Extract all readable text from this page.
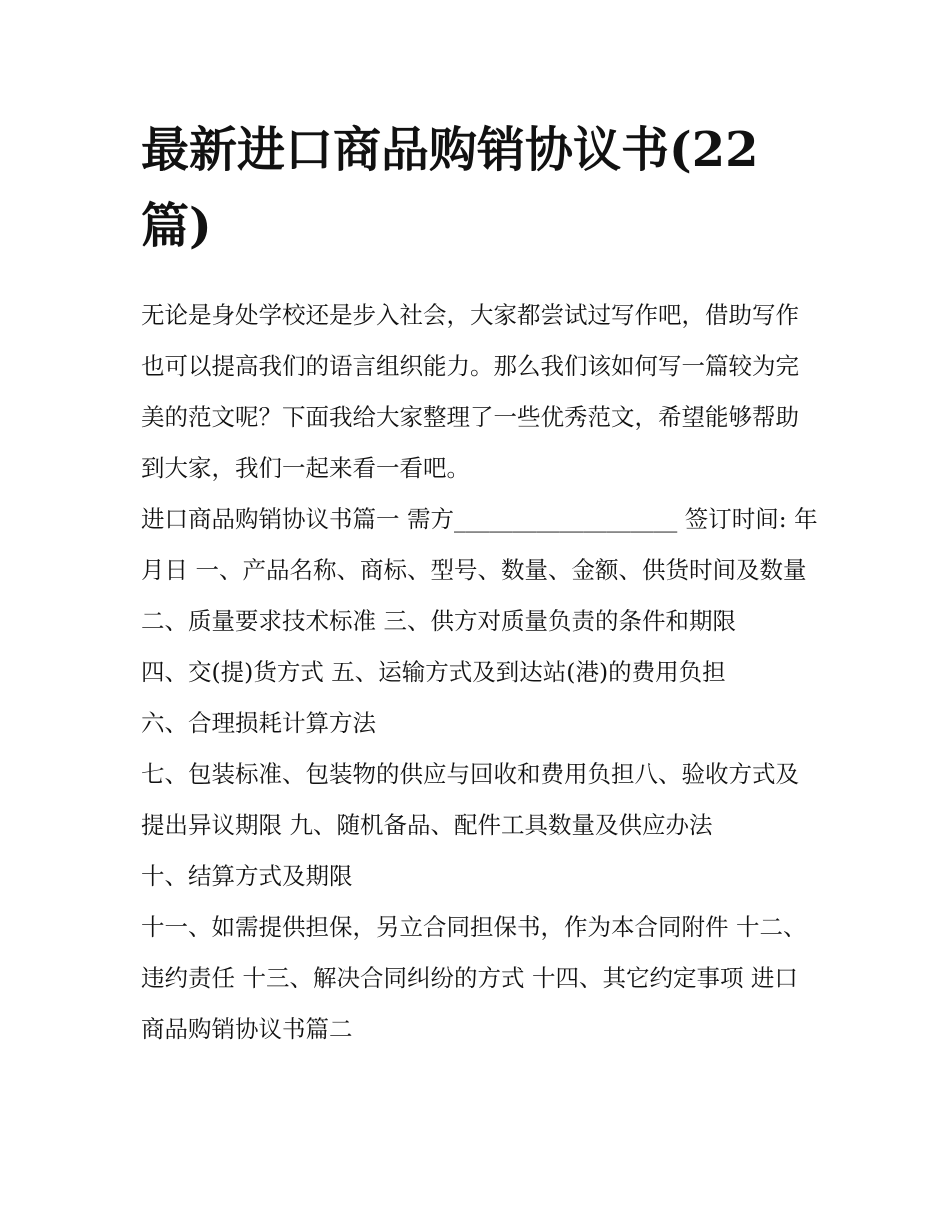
最新进口商品购销协议书(22篇)

无论是身处学校还是步入社会，大家都尝试过写作吧，借助写作也可以提高我们的语言组织能力。那么我们该如何写一篇较为完美的范文呢？下面我给大家整理了一些优秀范文，希望能够帮助到大家，我们一起来看一看吧。

进口商品购销协议书篇一 需方___________________ 签订时间: 年月日 一、产品名称、商标、型号、数量、金额、供货时间及数量

二、质量要求技术标准 三、供方对质量负责的条件和期限

四、交(提)货方式 五、运输方式及到达站(港)的费用负担

六、合理损耗计算方法

七、包装标准、包装物的供应与回收和费用负担八、验收方式及提出异议期限 九、随机备品、配件工具数量及供应办法

十、结算方式及期限

十一、如需提供担保，另立合同担保书，作为本合同附件 十二、违约责任 十三、解决合同纠纷的方式 十四、其它约定事项 进口商品购销协议书篇二
